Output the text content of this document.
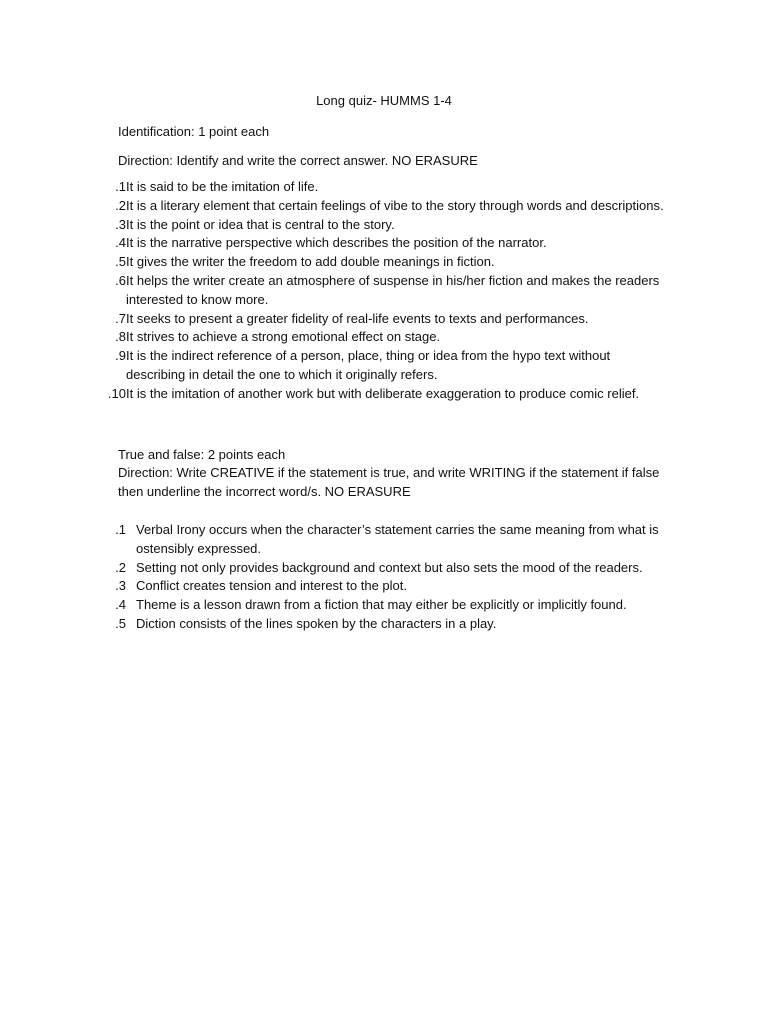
Long quiz- HUMMS 1-4

Identification: 1 point each

Direction: Identify and write the correct answer. NO ERASURE

1. It is said to be the imitation of life.
2. It is a literary element that certain feelings of vibe to the story through words and descriptions.
3. It is the point or idea that is central to the story.
4. It is the narrative perspective which describes the position of the narrator.
5. It gives the writer the freedom to add double meanings in fiction.
6. It helps the writer create an atmosphere of suspense in his/her fiction and makes the readers interested to know more.
7. It seeks to present a greater fidelity of real-life events to texts and performances.
8. It strives to achieve a strong emotional effect on stage.
9. It is the indirect reference of a person, place, thing or idea from the hypo text without describing in detail the one to which it originally refers.
10. It is the imitation of another work but with deliberate exaggeration to produce comic relief.

True and false: 2 points each

Direction: Write CREATIVE if the statement is true, and write WRITING if the statement if false then underline the incorrect word/s. NO ERASURE

1. Verbal Irony occurs when the character’s statement carries the same meaning from what is ostensibly expressed.
2. Setting not only provides background and context but also sets the mood of the readers.
3. Conflict creates tension and interest to the plot.
4. Theme is a lesson drawn from a fiction that may either be explicitly or implicitly found.
5. Diction consists of the lines spoken by the characters in a play.
